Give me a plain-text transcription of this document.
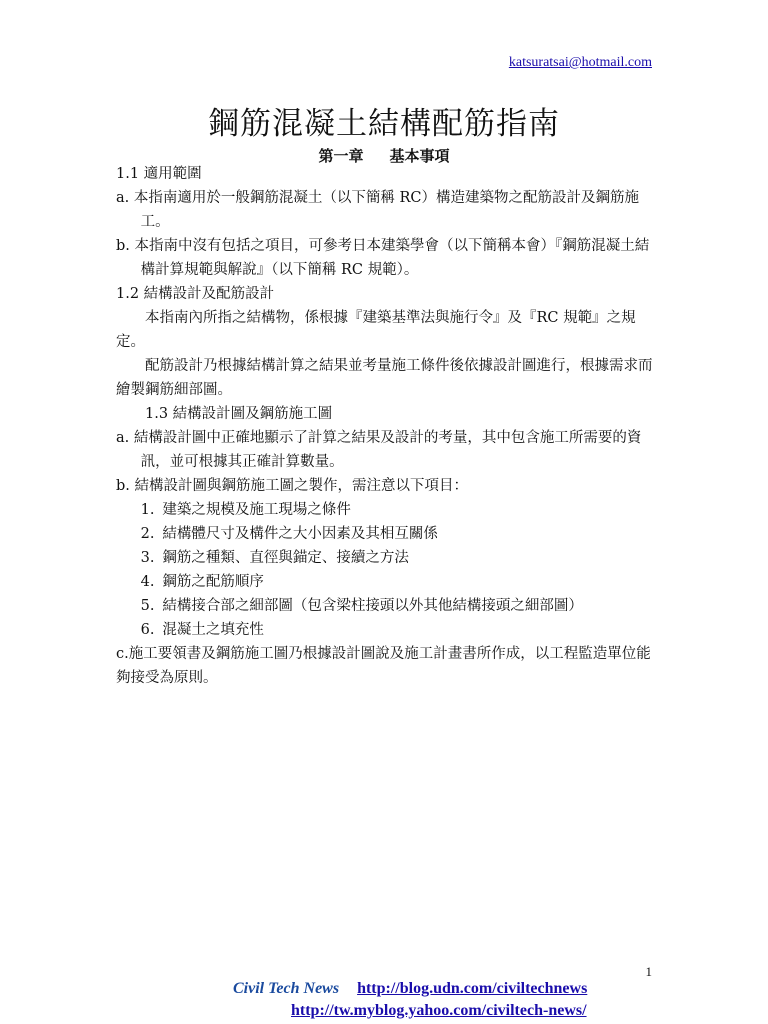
katsuratsai@hotmail.com
鋼筋混凝土結構配筋指南
第一章 基本事項

1.1 適用範圍

a. 本指南適用於一般鋼筋混凝土（以下簡稱 RC）構造建築物之配筋設計及鋼筋施工。

b. 本指南中沒有包括之項目，可參考日本建築學會（以下簡稱本會）『鋼筋混凝土結構計算規範與解說』（以下簡稱 RC 規範）。

1.2 結構設計及配筋設計

本指南內所指之結構物，係根據『建築基準法與施行令』及『RC 規範』之規定。

配筋設計乃根據結構計算之結果並考量施工條件後依據設計圖進行，根據需求而繪製鋼筋細部圖。

1.3 結構設計圖及鋼筋施工圖

a. 結構設計圖中正確地顯示了計算之結果及設計的考量，其中包含施工所需要的資訊，並可根據其正確計算數量。

b. 結構設計圖與鋼筋施工圖之製作，需注意以下項目：

1. 建築之規模及施工現場之條件
2. 結構體尺寸及構件之大小因素及其相互關係
3. 鋼筋之種類、直徑與錨定、接續之方法
4. 鋼筋之配筋順序
5. 結構接合部之細部圖（包含梁柱接頭以外其他結構接頭之細部圖）
6. 混凝土之填充性

c.施工要領書及鋼筋施工圖乃根據設計圖說及施工計畫書所作成，以工程監造單位能夠接受為原則。

1
Civil Tech News http://blog.udn.com/civiltechnews
http://tw.myblog.yahoo.com/civiltech-news/
